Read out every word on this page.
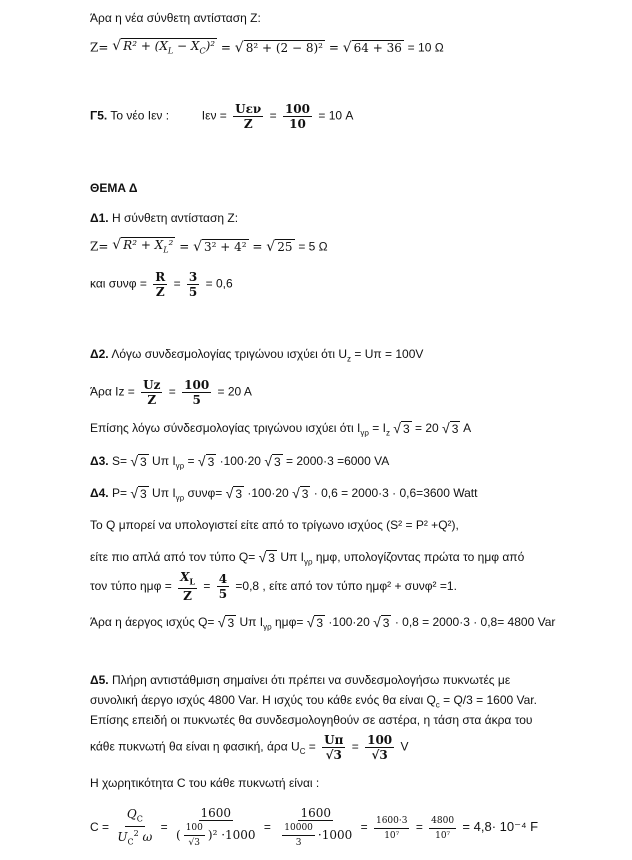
Άρα η νέα σύνθετη αντίσταση Ζ:
Ζ= √ $R^2 + (X_L - X_C)^2$ = √ 8² + (2 − 8)² = √ 64 + 36 = 10 Ω
Γ5. Το νέο Ιεν :	$I\varepsilon\nu = \frac{\text{Uεν}}{Z} = \frac{100}{10} = 10$ A
ΘΕΜΑ Δ
Δ1. Η σύνθετη αντίσταση Ζ:
Ζ= √ $R^2 + X_L^2$ = √ 3² + 4² = √ 25 = 5 Ω
και $\sigma\upsilon\nu\varphi = \frac{R}{Z} = \frac{3}{5} = 0,6$
Δ2. Λόγω συνδεσμολογίας τριγώνου ισχύει ότι $U_z = U\pi = 100V$
Άρα $Iz = \frac{Uz}{Z} = \frac{100}{5} = 20$ A
Επίσης λόγω σύνδεσμολογίας τριγώνου ισχύει ότι $I_{\gamma\rho} = I_z$ √ 3 = 20 √ 3 A
Δ3. S= √ 3 Uπ $I_{\gamma\rho}$ = √ 3 ·100·20 √ 3 = 2000·3 =6000 VA
Δ4. P= √ 3 Uπ $I_{\gamma\rho}$ συνφ= √ 3 ·100·20 √ 3 · 0,6 = 2000·3 · 0,6=3600 Watt
Το Q μπορεί να υπολογιστεί είτε από το τρίγωνο ισχύος (S² = P² +Q²),
είτε πιο απλά από τον τύπο Q= √ 3 Uπ $I_{\gamma\rho}$ ημφ, υπολογίζοντας πρώτα το ημφ από
τον τύπο $\eta\mu\varphi = \frac{X_L}{Z} = \frac{4}{5} =0,8$ , είτε από τον τύπο ημφ² + συνφ² =1.
Άρα η άεργος ισχύς Q= √ 3 Uπ $I_{\gamma\rho}$ ημφ= √ 3 ·100·20 √ 3 · 0,8 = 2000·3 · 0,8= 4800 Var
Δ5. Πλήρη αντιστάθμιση σημαίνει ότι πρέπει να συνδεσμολογήσω πυκνωτές με
συνολική άεργο ισχύς 4800 Var. Η ισχύς του κάθε ενός θα είναι $Q_c = Q/3 = 1600$ Var.
Επίσης επειδή οι πυκνωτές θα συνδεσμολογηθούν σε αστέρα, η τάση στα άκρα του
κάθε πυκνωτή θα είναι η φασική, άρα $U_C = \frac{U\pi}{√3} = \frac{100}{√3}$ V
Η χωρητικότητα C του κάθε πυκνωτή είναι :
$C = \frac{Q_C}{U_C^2 \omega} = \frac{1600}{( \frac{100}{√3} )^2 \cdot 1000} = \frac{1600}{\frac{10000}{3} \cdot 1000} = \frac{1600\cdot 3}{\text{10⁷}} = \frac{4800}{\text{10⁷}} = 4,8\cdot 10^{-4}$ F
